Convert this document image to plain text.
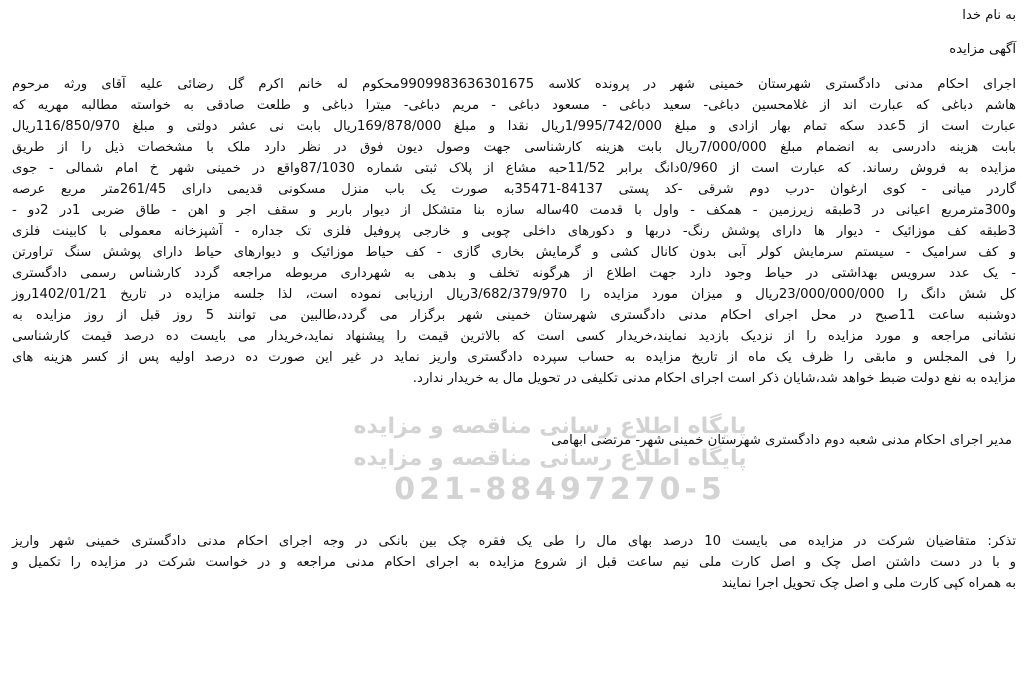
پایگاه اطلاع رسانی مناقصه و مزایده
پایگاه اطلاع رسانی مناقصه و مزایده
021-88497270-5
به نام خدا
آگهی مزایده
اجرای احکام مدنی دادگستری شهرستان خمینی شهر در پرونده کلاسه 9909983636301675محکوم له خانم اکرم گل رضائی علیه آقای ورثه مرحوم
هاشم دباغی که عبارت اند از غلامحسین دباغی- سعید دباغی - مسعود دباغی - مریم دباغی- میترا دباغی و طلعت صادقی به خواسته مطالبه مهریه که
عبارت است از 5عدد سکه تمام بهار ازادی و مبلغ 1/995/742/000ریال نقدا و مبلغ 169/878/000ریال بابت نی عشر دولتی و مبلغ 116/850/970ریال
بابت هزینه دادرسی به انضمام مبلغ 7/000/000ریال بابت هزینه کارشناسی جهت وصول دیون فوق در نظر دارد ملک با مشخصات ذیل را از طریق
مزایده به فروش رساند. که عبارت است از 0/960دانگ برابر 11/52حبه مشاع از پلاک ثبتی شماره 87/1030واقع در خمینی شهر خ امام شمالی - جوی
گاردر میانی - کوی ارغوان -درب دوم شرقی -کد پستی 84137-35471به صورت یک باب منزل مسکونی قدیمی دارای 261/45متر مربع عرصه
و300مترمربع اعیانی در 3طبقه زیرزمین - همکف - واول با قدمت 40ساله سازه بنا متشکل از دیوار باربر و سقف اجر و اهن - طاق ضربی 1در 2دو -
3طبقه کف موزائیک - دیوار ها دارای پوشش رنگ- دربها و دکورهای داخلی چوبی و خارجی پروفیل فلزی تک جداره - آشپزخانه معمولی با کابینت فلزی
و کف سرامیک - سیستم سرمایش کولر آبی بدون کانال کشی و گرمایش بخاری گازی - کف حیاط موزائیک و دیوارهای حیاط دارای پوشش سنگ تراورتن
- یک عدد سرویس بهداشتی در حیاط وجود دارد جهت اطلاع از هرگونه تخلف و بدهی به شهرداری مربوطه مراجعه گردد کارشناس رسمی دادگستری
کل شش دانگ را 23/000/000/000ریال و میزان مورد مزایده را 3/682/379/970ریال ارزیابی نموده است، لذا جلسه مزایده در تاریخ 1402/01/21روز
دوشنبه ساعت 11صبح در محل اجرای احکام مدنی دادگستری شهرستان خمینی شهر برگزار می گردد،طالبین می توانند 5 روز قبل از روز مزایده به
نشانی مراجعه و مورد مزایده را از نزدیک بازدید نمایند،خریدار کسی است که بالاترین قیمت را پیشنهاد نماید،خریدار می بایست ده درصد قیمت کارشناسی
را فی المجلس و مابقی را ظرف یک ماه از تاریخ مزایده به حساب سپرده دادگستری واریز نماید در غیر این صورت ده درصد اولیه پس از کسر هزینه های
مزایده به نفع دولت ضبط خواهد شد،شایان ذکر است اجرای احکام مدنی تکلیفی در تحویل مال به خریدار ندارد.
مدیر اجرای احکام مدنی شعبه دوم دادگستری شهرستان خمینی شهر- مرتضی ابهامی
تذکر: متقاضیان شرکت در مزایده می بایست 10 درصد بهای مال را طی یک فقره چک بین بانکی در وجه اجرای احکام مدنی دادگستری خمینی شهر واریز
و با در دست داشتن اصل چک و اصل کارت ملی نیم ساعت قبل از شروع مزایده به اجرای احکام مدنی مراجعه و در خواست شرکت در مزایده را تکمیل و
به همراه کپی کارت ملی و اصل چک تحویل اجرا نمایند
